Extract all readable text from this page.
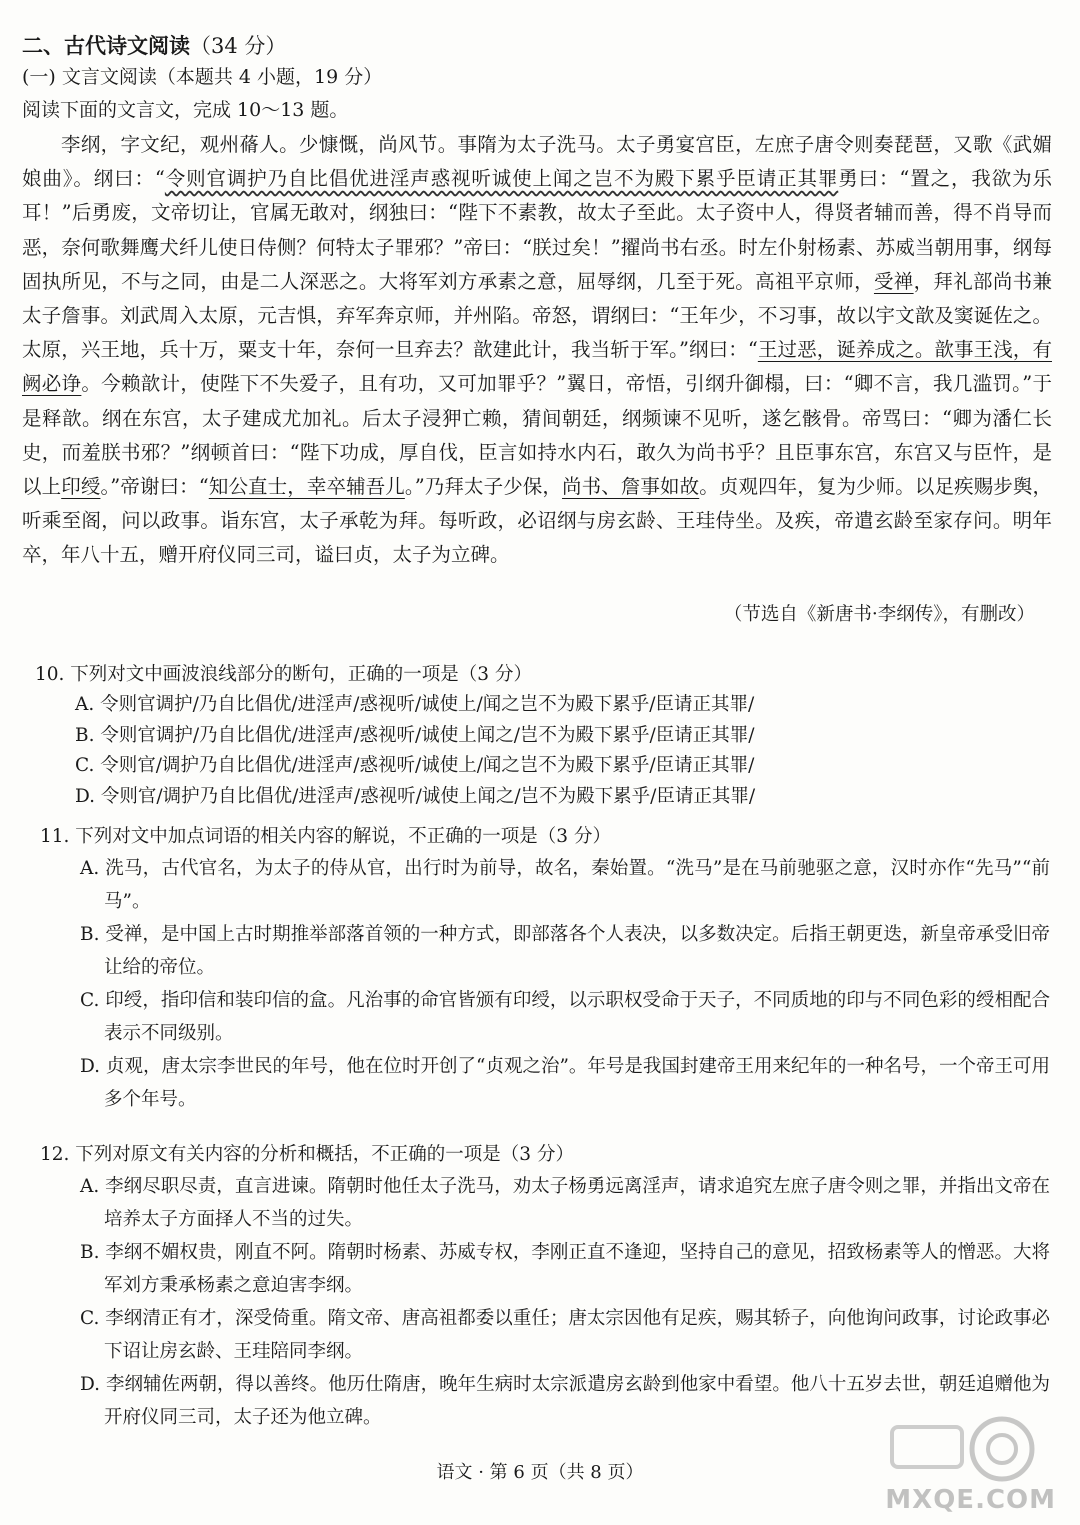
二、古代诗文阅读（34 分）
(一) 文言文阅读（本题共 4 小题，19 分）
阅读下面的文言文，完成 10～13 题。

李纲，字文纪，观州蓨人。少慷慨，尚风节。事隋为太子洗马。太子勇宴宫臣，左庶子唐令则奏琵琶，又歌《武媚娘曲》。纲曰：“令则官调护乃自比倡优进淫声惑视听诚使上闻之岂不为殿下累乎臣请正其罪勇曰：“置之，我欲为乐耳！”后勇废，文帝切让，官属无敢对，纲独曰：“陛下不素教，故太子至此。太子资中人，得贤者辅而善，得不肖导而恶，奈何歌舞鹰犬纤儿使日侍侧？何特太子罪邪？”帝曰：“朕过矣！”擢尚书右丞。时左仆射杨素、苏威当朝用事，纲每固执所见，不与之同，由是二人深恶之。大将军刘方承素之意，屈辱纲，几至于死。高祖平京师，受禅，拜礼部尚书兼太子詹事。刘武周入太原，元吉惧，弃军奔京师，并州陷。帝怒，谓纲曰：“王年少，不习事，故以宇文歆及窦诞佐之。太原，兴王地，兵十万，粟支十年，奈何一旦弃去？歆建此计，我当斩于军。”纲曰：“王过恶，诞养成之。歆事王浅，有阙必诤。今赖歆计，使陛下不失爱子，且有功，又可加罪乎？”翼日，帝悟，引纲升御榻，曰：“卿不言，我几滥罚。”于是释歆。纲在东宫，太子建成尤加礼。后太子浸狎亡赖，猜间朝廷，纲频谏不见听，遂乞骸骨。帝骂曰：“卿为潘仁长史，而羞朕书邪？”纲顿首曰：“陛下功成，厚自伐，臣言如持水内石，敢久为尚书乎？且臣事东宫，东宫又与臣忤，是以上印绶。”帝谢曰：“知公直士，幸卒辅吾儿。”乃拜太子少保，尚书、詹事如故。贞观四年，复为少师。以足疾赐步舆，听乘至阁，问以政事。诣东宫，太子承乾为拜。每听政，必诏纲与房玄龄、王珪侍坐。及疾，帝遣玄龄至家存问。明年卒，年八十五，赠开府仪同三司，谥曰贞，太子为立碑。

（节选自《新唐书·李纲传》，有删改）
10. 下列对文中画波浪线部分的断句，正确的一项是（3 分）
A. 令则官调护/乃自比倡优/进淫声/惑视听/诚使上/闻之岂不为殿下累乎/臣请正其罪/
B. 令则官调护/乃自比倡优/进淫声/惑视听/诚使上闻之/岂不为殿下累乎/臣请正其罪/
C. 令则官/调护乃自比倡优/进淫声/惑视听/诚使上/闻之岂不为殿下累乎/臣请正其罪/
D. 令则官/调护乃自比倡优/进淫声/惑视听/诚使上闻之/岂不为殿下累乎/臣请正其罪/
11. 下列对文中加点词语的相关内容的解说，不正确的一项是（3 分）
A. 洗马，古代官名，为太子的侍从官，出行时为前导，故名，秦始置。“洗马”是在马前驰驱之意，汉时亦作“先马”“前马”。
B. 受禅，是中国上古时期推举部落首领的一种方式，即部落各个人表决，以多数决定。后指王朝更迭，新皇帝承受旧帝让给的帝位。
C. 印绶，指印信和装印信的盒。凡治事的命官皆颁有印绶，以示职权受命于天子，不同质地的印与不同色彩的绶相配合表示不同级别。
D. 贞观，唐太宗李世民的年号，他在位时开创了“贞观之治”。年号是我国封建帝王用来纪年的一种名号，一个帝王可用多个年号。
12. 下列对原文有关内容的分析和概括，不正确的一项是（3 分）
A. 李纲尽职尽责，直言进谏。隋朝时他任太子洗马，劝太子杨勇远离淫声，请求追究左庶子唐令则之罪，并指出文帝在培养太子方面择人不当的过失。
B. 李纲不媚权贵，刚直不阿。隋朝时杨素、苏威专权，李刚正直不逢迎，坚持自己的意见，招致杨素等人的憎恶。大将军刘方秉承杨素之意迫害李纲。
C. 李纲清正有才，深受倚重。隋文帝、唐高祖都委以重任；唐太宗因他有足疾，赐其轿子，向他询问政事，讨论政事必下诏让房玄龄、王珪陪同李纲。
D. 李纲辅佐两朝，得以善终。他历仕隋唐，晚年生病时太宗派遣房玄龄到他家中看望。他八十五岁去世，朝廷追赠他为开府仪同三司，太子还为他立碑。
语文 · 第 6 页（共 8 页）
MXQE.COM
